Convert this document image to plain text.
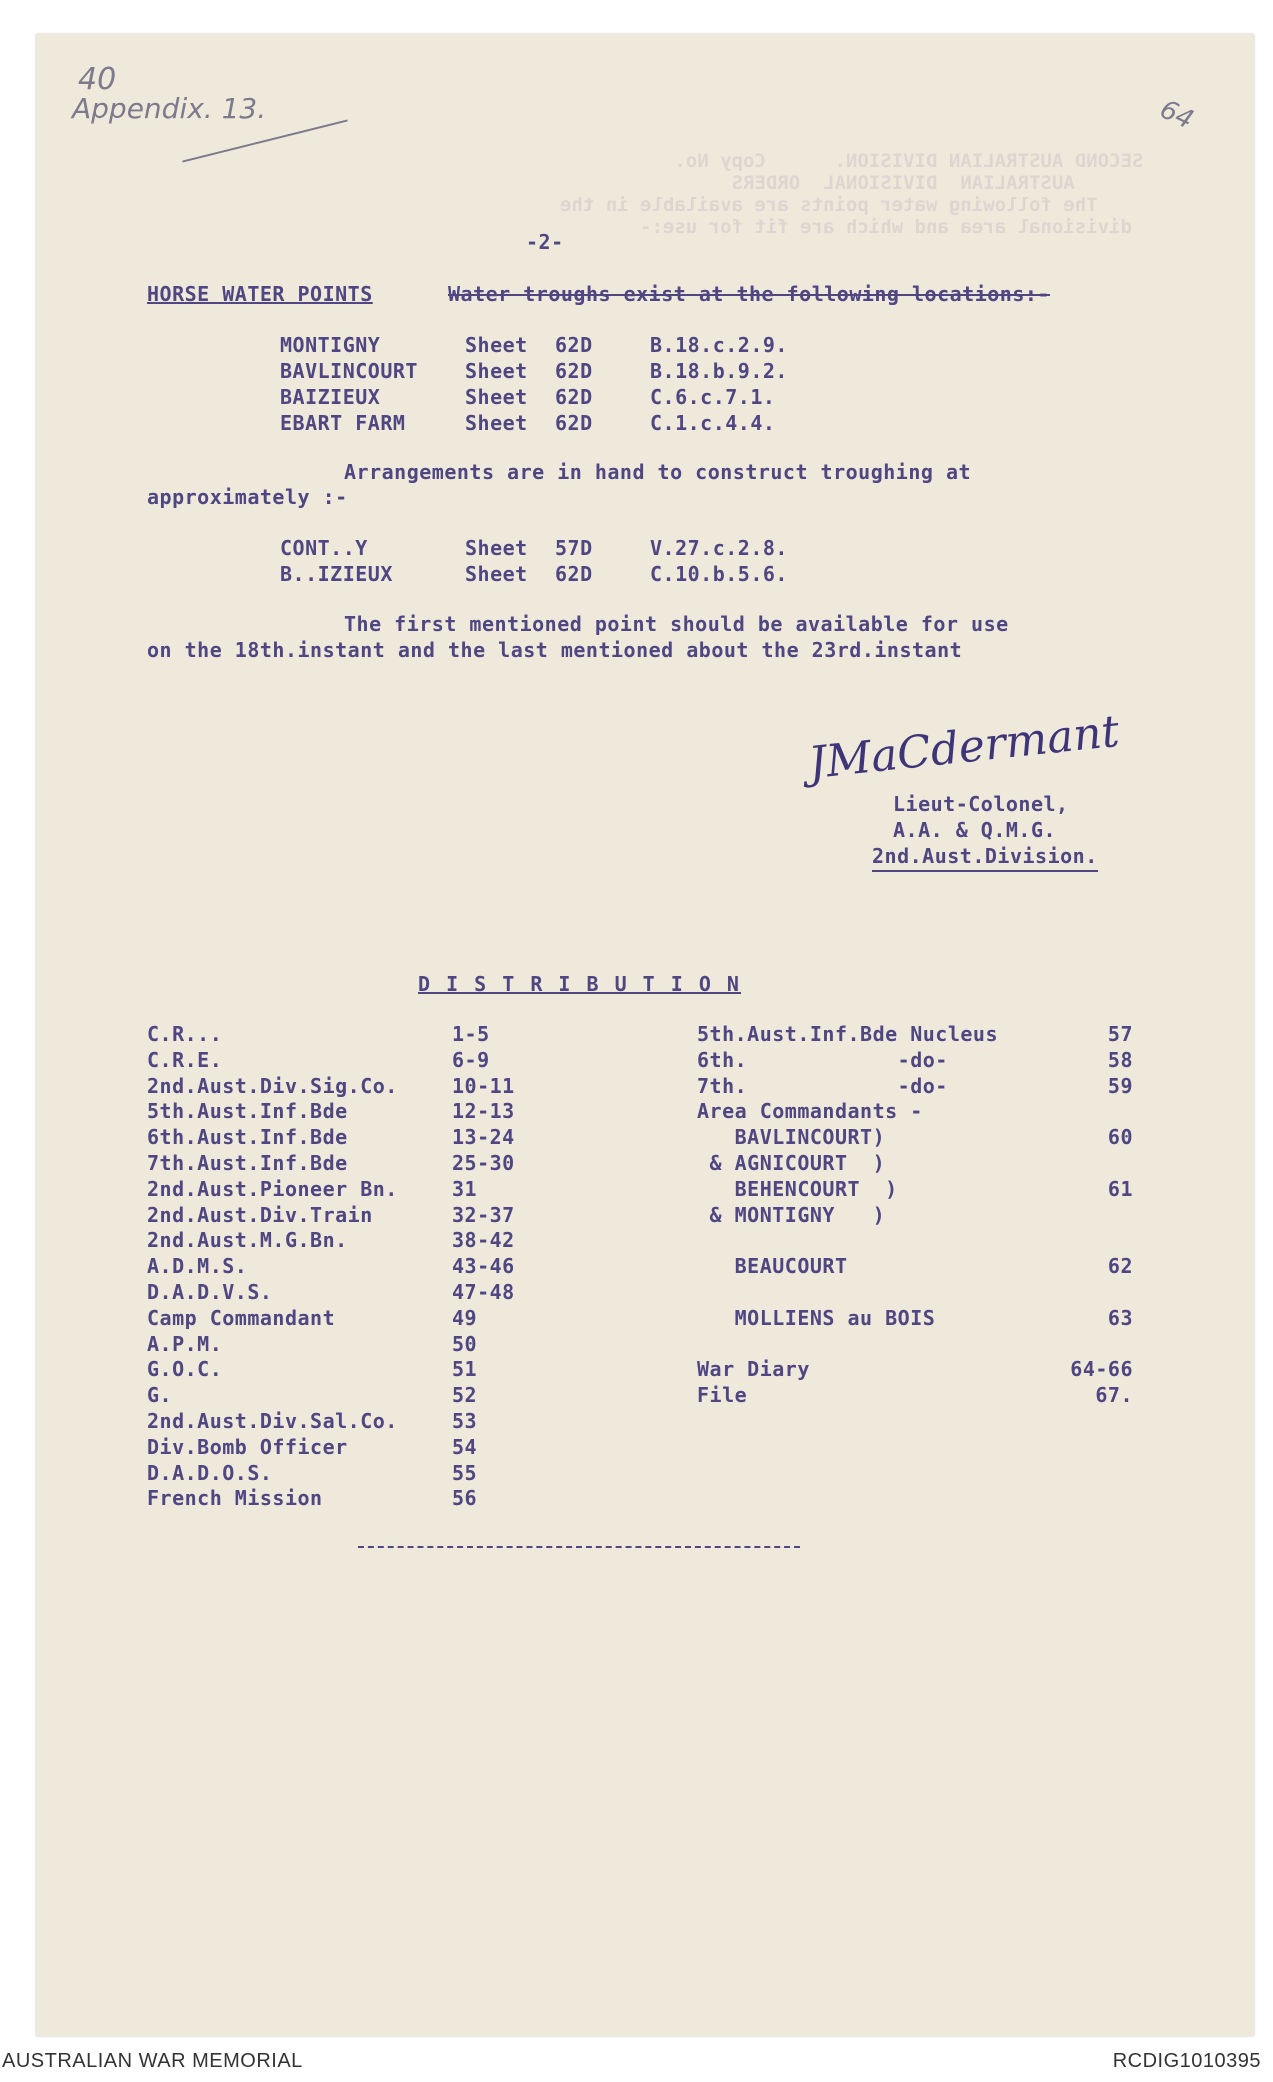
SECOND AUSTRALIAN DIVISION.      Copy No.
AUSTRALIAN  DIVISIONAL  ORDERS
The following water points are available in the
divisional area and which are fit for use:-
40
Appendix. 13.	64
-2-
HORSE WATER POINTS	Water troughs exist at the following locations:-
MONTIGNY	Sheet 62D	B.18.c.2.9.
BAVLINCOURT Sheet 62D	B.18.b.9.2.
BAIZIEUX	Sheet 62D	C.6.c.7.1.
EBART FARM	Sheet 62D	C.1.c.4.4.
Arrangements are in hand to construct troughing at
approximately :-
CONT..Y	Sheet 57D	V.27.c.2.8.
B..IZIEUX	Sheet 62D	C.10.b.5.6.
The first mentioned point should be available for use
on the 18th.instant and the last mentioned about the 23rd.instant
JMaCdermant
Lieut-Colonel,
A.A. & Q.M.G.
2nd.Aust.Division.
D I S T R I B U T I O N
C.R...	1-5
C.R.E.	6-9
2nd.Aust.Div.Sig.Co.	10-11
5th.Aust.Inf.Bde	12-13
6th.Aust.Inf.Bde	13-24
7th.Aust.Inf.Bde	25-30
2nd.Aust.Pioneer Bn.	31
2nd.Aust.Div.Train	32-37
2nd.Aust.M.G.Bn.	38-42
A.D.M.S.	43-46
D.A.D.V.S.	47-48
Camp Commandant	49
A.P.M.	50
G.O.C.	51
G.	52
2nd.Aust.Div.Sal.Co.	53
Div.Bomb Officer	54
D.A.D.O.S.	55
French Mission	56
5th.Aust.Inf.Bde Nucleus	57
6th.            -do-	58
7th.            -do-	59
Area Commandants -
BAVLINCOURT)	60
& AGNICOURT  )
BEHENCOURT  )	61
& MONTIGNY   )
BEAUCOURT	62
MOLLIENS au BOIS	63
War Diary	64-66
File	67.
AUSTRALIAN WAR MEMORIAL	RCDIG1010395
